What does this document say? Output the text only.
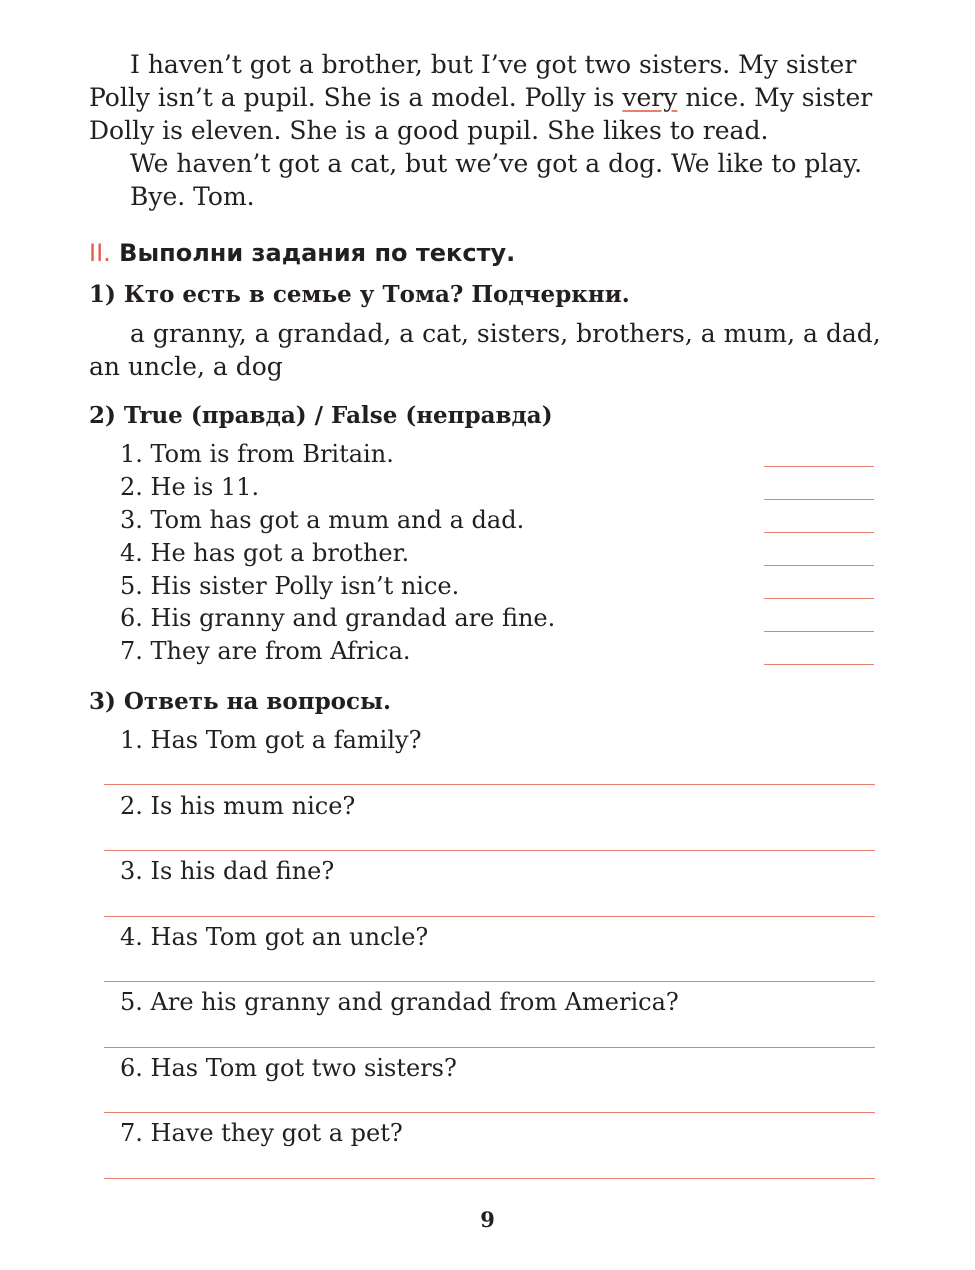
I haven’t got a brother, but I’ve got two sisters. My sister
Polly isn’t a pupil. She is a model. Polly is very nice. My sister
Dolly is eleven. She is a good pupil. She likes to read.

We haven’t got a cat, but we’ve got a dog. We like to play.

Bye. Tom.

II. Выполни задания по тексту.
1) Кто есть в семье у Тома? Подчеркни.

a granny, a grandad, a cat, sisters, brothers, a mum, a dad,
an uncle, a dog

2) True (правда) / False (неправда)
1. Tom is from Britain.
2. He is 11.
3. Tom has got a mum and a dad.
4. He has got a brother.
5. His sister Polly isn’t nice.
6. His granny and grandad are fine.
7. They are from Africa.
3) Ответь на вопросы.
1. Has Tom got a family?
2. Is his mum nice?
3. Is his dad fine?
4. Has Tom got an uncle?
5. Are his granny and grandad from America?
6. Has Tom got two sisters?
7. Have they got a pet?
9
